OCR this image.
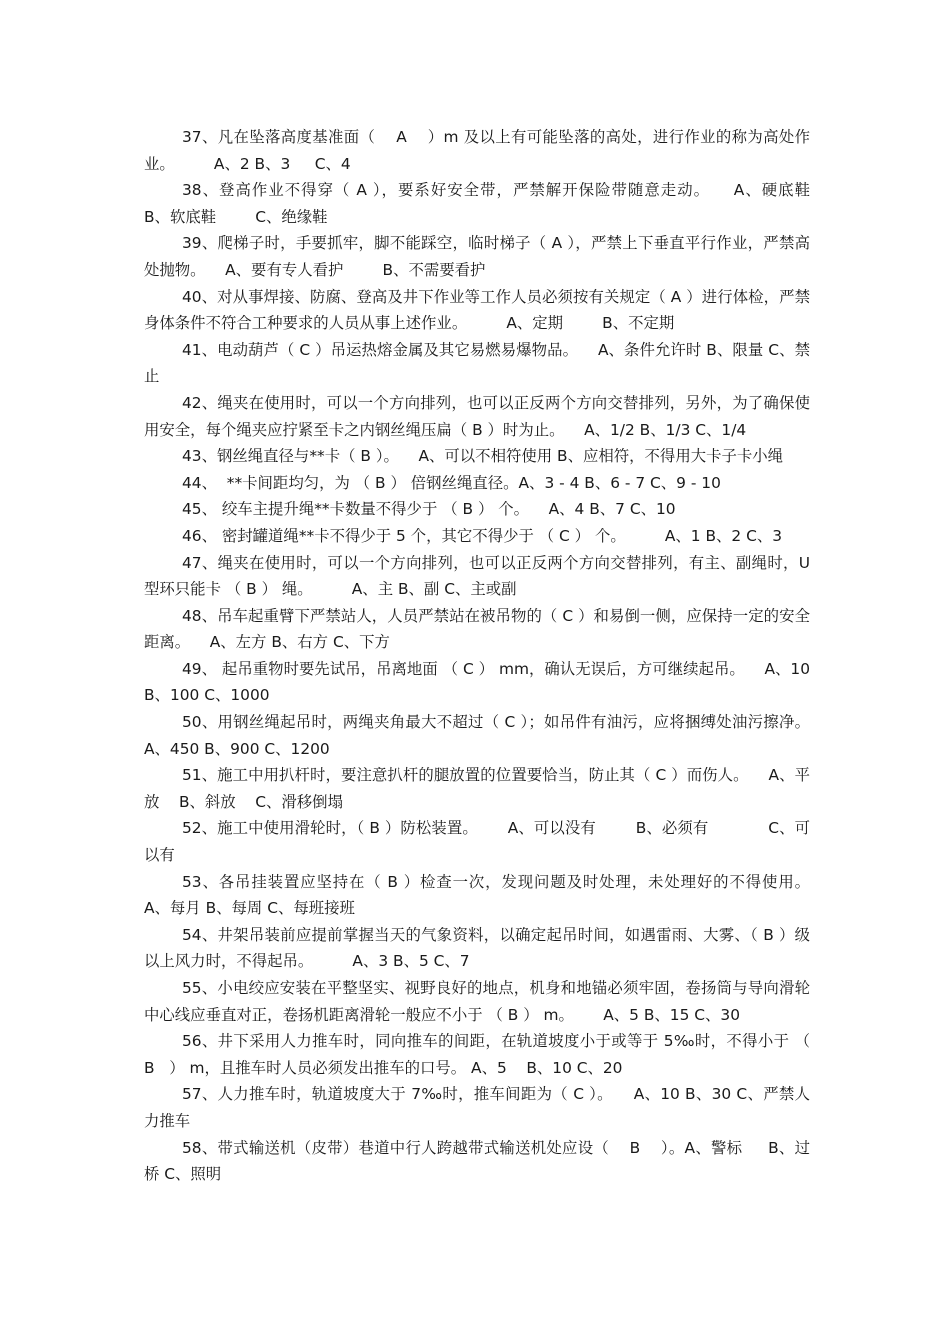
37、凡在坠落高度基准面（    A    ）m 及以上有可能坠落的高处，进行作业的称为高处作业。        A、2 B、3     C、4

38、登高作业不得穿（ A ），要系好安全带，严禁解开保险带随意走动。    A、硬底鞋    B、软底鞋        C、绝缘鞋

39、爬梯子时，手要抓牢，脚不能踩空，临时梯子（ A ），严禁上下垂直平行作业，严禁高处抛物。    A、要有专人看护        B、不需要看护

40、对从事焊接、防腐、登高及井下作业等工作人员必须按有关规定（ A ）进行体检，严禁身体条件不符合工种要求的人员从事上述作业。        A、定期        B、不定期

41、电动葫芦（ C ）吊运热熔金属及其它易燃易爆物品。    A、条件允许时 B、限量 C、禁止

42、绳夹在使用时，可以一个方向排列，也可以正反两个方向交替排列，另外，为了确保使用安全，每个绳夹应拧紧至卡之内钢丝绳压扁（ B ）时为止。    A、1/2 B、1/3 C、1/4

43、钢丝绳直径与**卡（ B ）。    A、可以不相符使用 B、应相符，不得用大卡子卡小绳

44、  **卡间距均匀，为 （ B ） 倍钢丝绳直径。A、3 - 4 B、6 - 7 C、9 - 10

45、 绞车主提升绳**卡数量不得少于 （ B ） 个。    A、4 B、7 C、10

46、 密封罐道绳**卡不得少于 5 个，其它不得少于 （ C ） 个。        A、1 B、2 C、3

47、绳夹在使用时，可以一个方向排列，也可以正反两个方向交替排列，有主、副绳时，U 型环只能卡 （ B ） 绳。        A、主 B、副 C、主或副

48、吊车起重臂下严禁站人，人员严禁站在被吊物的（ C ）和易倒一侧，应保持一定的安全距离。    A、左方 B、右方 C、下方

49、 起吊重物时要先试吊，吊离地面 （ C ） mm，确认无误后，方可继续起吊。    A、10 B、100 C、1000

50、用钢丝绳起吊时，两绳夹角最大不超过（ C ）；如吊件有油污，应将捆缚处油污擦净。    A、450 B、900 C、1200

51、施工中用扒杆时，要注意扒杆的腿放置的位置要恰当，防止其（ C ）而伤人。    A、平放    B、斜放    C、滑移倒塌

52、施工中使用滑轮时，（ B ）防松装置。      A、可以没有        B、必须有            C、可以有

53、各吊挂装置应坚持在（ B ）检查一次，发现问题及时处理，未处理好的不得使用。    A、每月 B、每周 C、每班接班

54、井架吊装前应提前掌握当天的气象资料，以确定起吊时间，如遇雷雨、大雾、（ B ）级以上风力时，不得起吊。        A、3 B、5 C、7

55、小电绞应安装在平整坚实、视野良好的地点，机身和地锚必须牢固，卷扬筒与导向滑轮中心线应垂直对正，卷扬机距离滑轮一般应不小于 （ B ） m。      A、5 B、15 C、30

56、井下采用人力推车时，同向推车的间距，在轨道坡度小于或等于 5‰时，不得小于 （    B   ） m，且推车时人员必须发出推车的口号。 A、5    B、10 C、20

57、人力推车时，轨道坡度大于 7‰时，推车间距为（ C ）。    A、10 B、30 C、严禁人力推车

58、带式输送机（皮带）巷道中行人跨越带式输送机处应设（    B    ）。A、警标     B、过桥 C、照明
